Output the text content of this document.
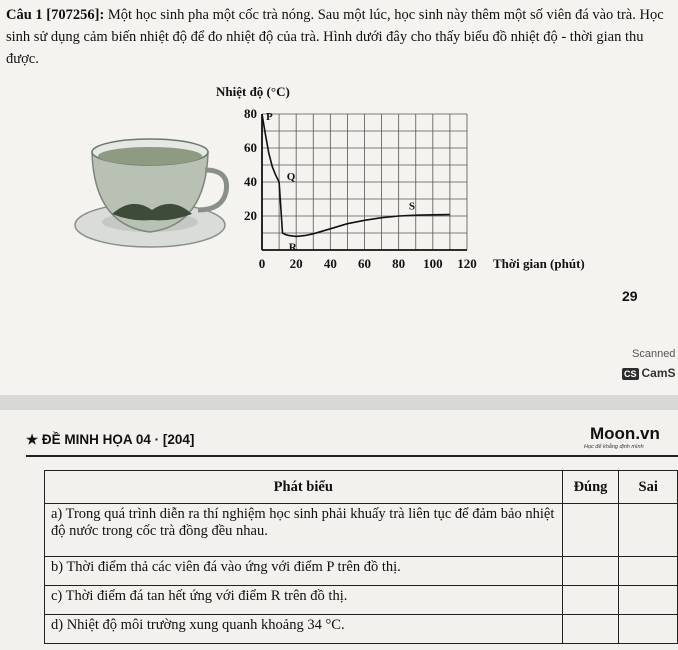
Câu 1 [707256]: Một học sinh pha một cốc trà nóng. Sau một lúc, học sinh này thêm một số viên đá vào trà. Học sinh sử dụng cảm biến nhiệt độ để đo nhiệt độ của trà. Hình dưới đây cho thấy biểu đồ nhiệt độ - thời gian thu được.
0 20 40 60 80 100 120
20
40
60
80
Nhiệt độ (°C)
Thời gian (phút)
P
Q
R
S
29
Scanned
CS CamS
★ ĐỀ MINH HỌA 04 · [204]	Moon.vn
Học để khẳng định mình
Phát biểu	Đúng	Sai
a) Trong quá trình diễn ra thí nghiệm học sinh phải khuấy trà liên tục để đảm bảo nhiệt độ nước trong cốc trà đồng đều nhau.		
b) Thời điểm thả các viên đá vào ứng với điểm P trên đồ thị.		
c) Thời điểm đá tan hết ứng với điểm R trên đồ thị.		
d) Nhiệt độ môi trường xung quanh khoảng 34 °C.		
